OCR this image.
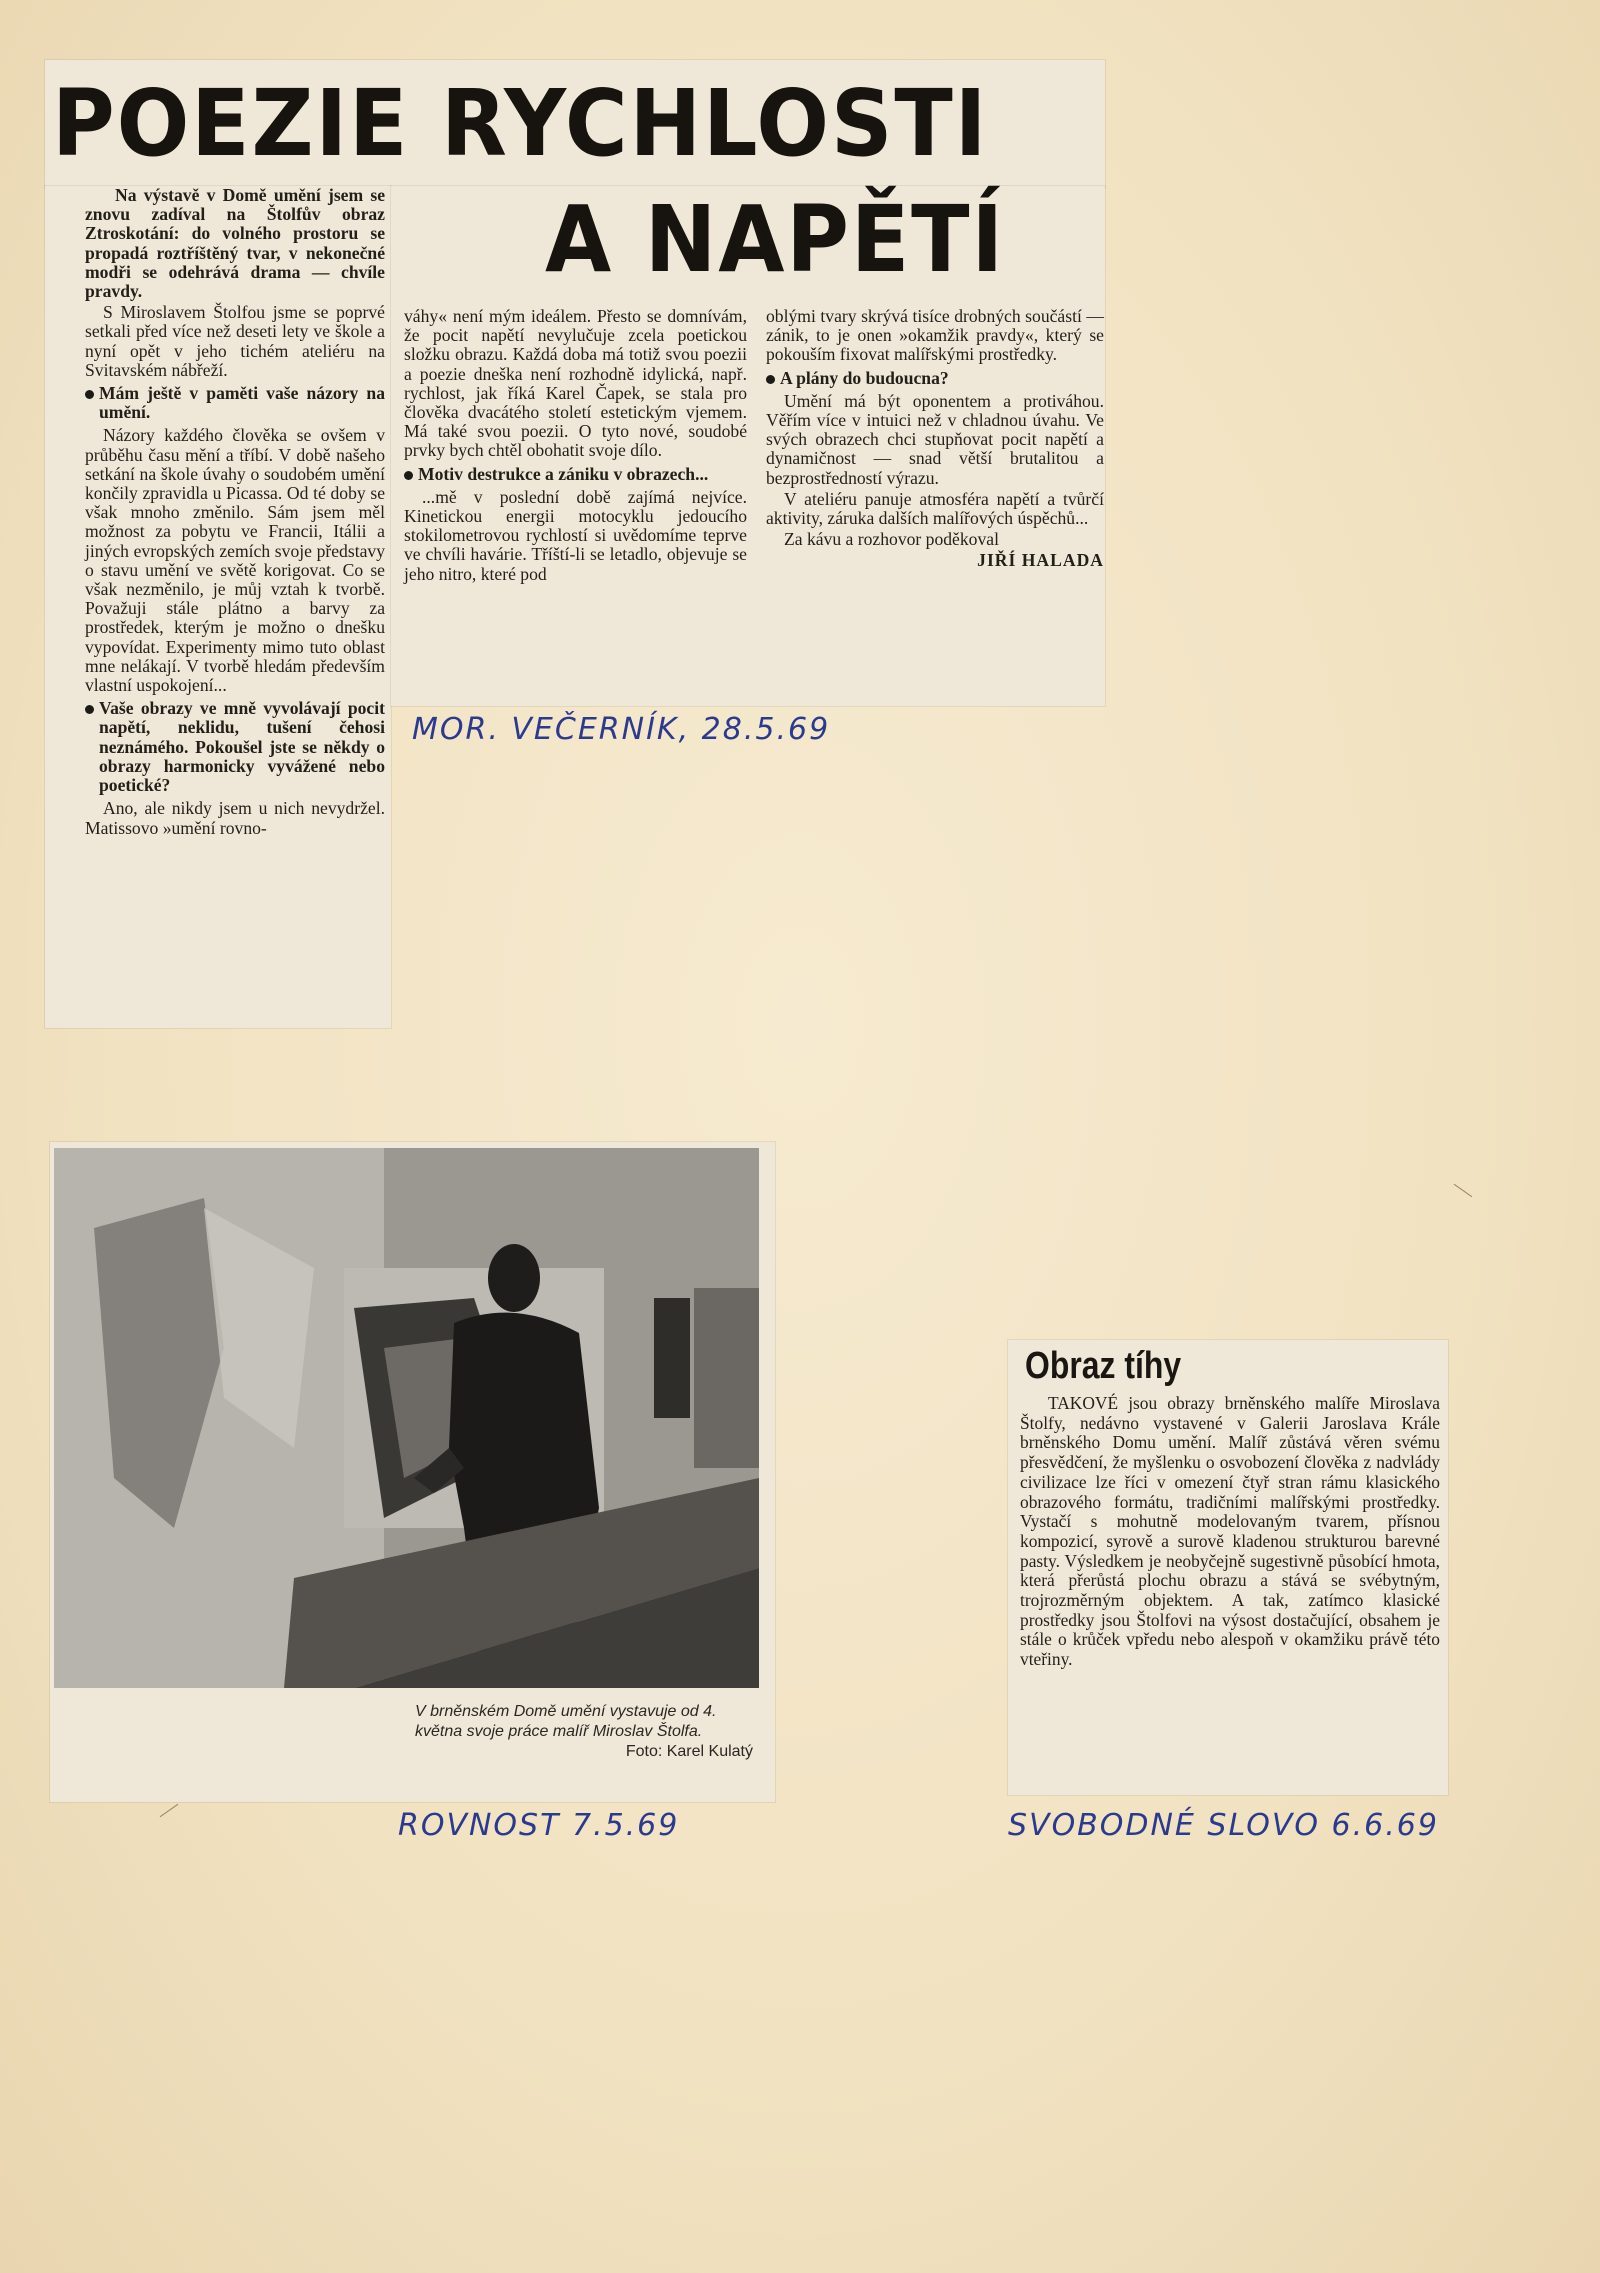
POEZIE RYCHLOSTI
A NAPĚTÍ

Na výstavě v Domě umění jsem se znovu zadíval na Štolfův obraz Ztroskotání: do volného prostoru se propadá roztříštěný tvar, v nekonečné modři se odehrává drama — chvíle pravdy.

S Miroslavem Štolfou jsme se poprvé setkali před více než deseti lety ve škole a nyní opět v jeho tichém ateliéru na Svitavském nábřeží.

Mám ještě v paměti vaše názory na umění.

Názory každého člověka se ovšem v průběhu času mění a tříbí. V době našeho setkání na škole úvahy o soudobém umění končily zpravidla u Picassa. Od té doby se však mnoho změnilo. Sám jsem měl možnost za pobytu ve Francii, Itálii a jiných evropských zemích svoje představy o stavu umění ve světě korigovat. Co se však nezměnilo, je můj vztah k tvorbě. Považuji stále plátno a barvy za prostředek, kterým je možno o dnešku vypovídat. Experimenty mimo tuto oblast mne nelákají. V tvorbě hledám především vlastní uspokojení...

Vaše obrazy ve mně vyvolávají pocit napětí, neklidu, tušení čehosi neznámého. Pokoušel jste se někdy o obrazy harmonicky vyvážené nebo poetické?

Ano, ale nikdy jsem u nich nevydržel. Matissovo »umění rovno-

váhy« není mým ideálem. Přesto se domnívám, že pocit napětí nevylučuje zcela poetickou složku obrazu. Každá doba má totiž svou poezii a poezie dneška není rozhodně idylická, např. rychlost, jak říká Karel Čapek, se stala pro člověka dvacátého století estetickým vjemem. Má také svou poezii. O tyto nové, soudobé prvky bych chtěl obohatit svoje dílo.

Motiv destrukce a zániku v obrazech...

...mě v poslední době zajímá nejvíce. Kinetickou energii motocyklu jedoucího stokilometrovou rychlostí si uvědomíme teprve ve chvíli havárie. Tříští-li se letadlo, objevuje se jeho nitro, které pod

oblými tvary skrývá tisíce drobných součástí — zánik, to je onen »okamžik pravdy«, který se pokouším fixovat malířskými prostředky.

A plány do budoucna?

Umění má být oponentem a protiváhou. Věřím více v intuici než v chladnou úvahu. Ve svých obrazech chci stupňovat pocit napětí a dynamičnost — snad větší brutalitou a bezprostředností výrazu.

V ateliéru panuje atmosféra napětí a tvůrčí aktivity, záruka dalších malířových úspěchů...

Za kávu a rozhovor poděkoval

JIŘÍ HALADA

MOR. VEČERNÍK, 28.5.69
V brněnském Domě umění vystavuje od 4. května svoje práce malíř Miroslav Štolfa.
Foto: Karel Kulatý
ROVNOST 7.5.69
Obraz tíhy
TAKOVÉ jsou obrazy brněnského malíře Miroslava Štolfy, nedávno vystavené v Galerii Jaroslava Krále brněnského Domu umění. Malíř zůstává věren svému přesvědčení, že myšlenku o osvobození člověka z nadvlády civilizace lze říci v omezení čtyř stran rámu klasického obrazového formátu, tradičními malířskými prostředky. Vystačí s mohutně modelovaným tvarem, přísnou kompozicí, syrově a surově kladenou strukturou barevné pasty. Výsledkem je neobyčejně sugestivně působící hmota, která přerůstá plochu obrazu a stává se svébytným, trojrozměrným objektem. A tak, zatímco klasické prostředky jsou Štolfovi na výsost dostačující, obsahem je stále o krůček vpředu nebo alespoň v okamžiku právě této vteřiny.
SVOBODNÉ SLOVO 6.6.69
